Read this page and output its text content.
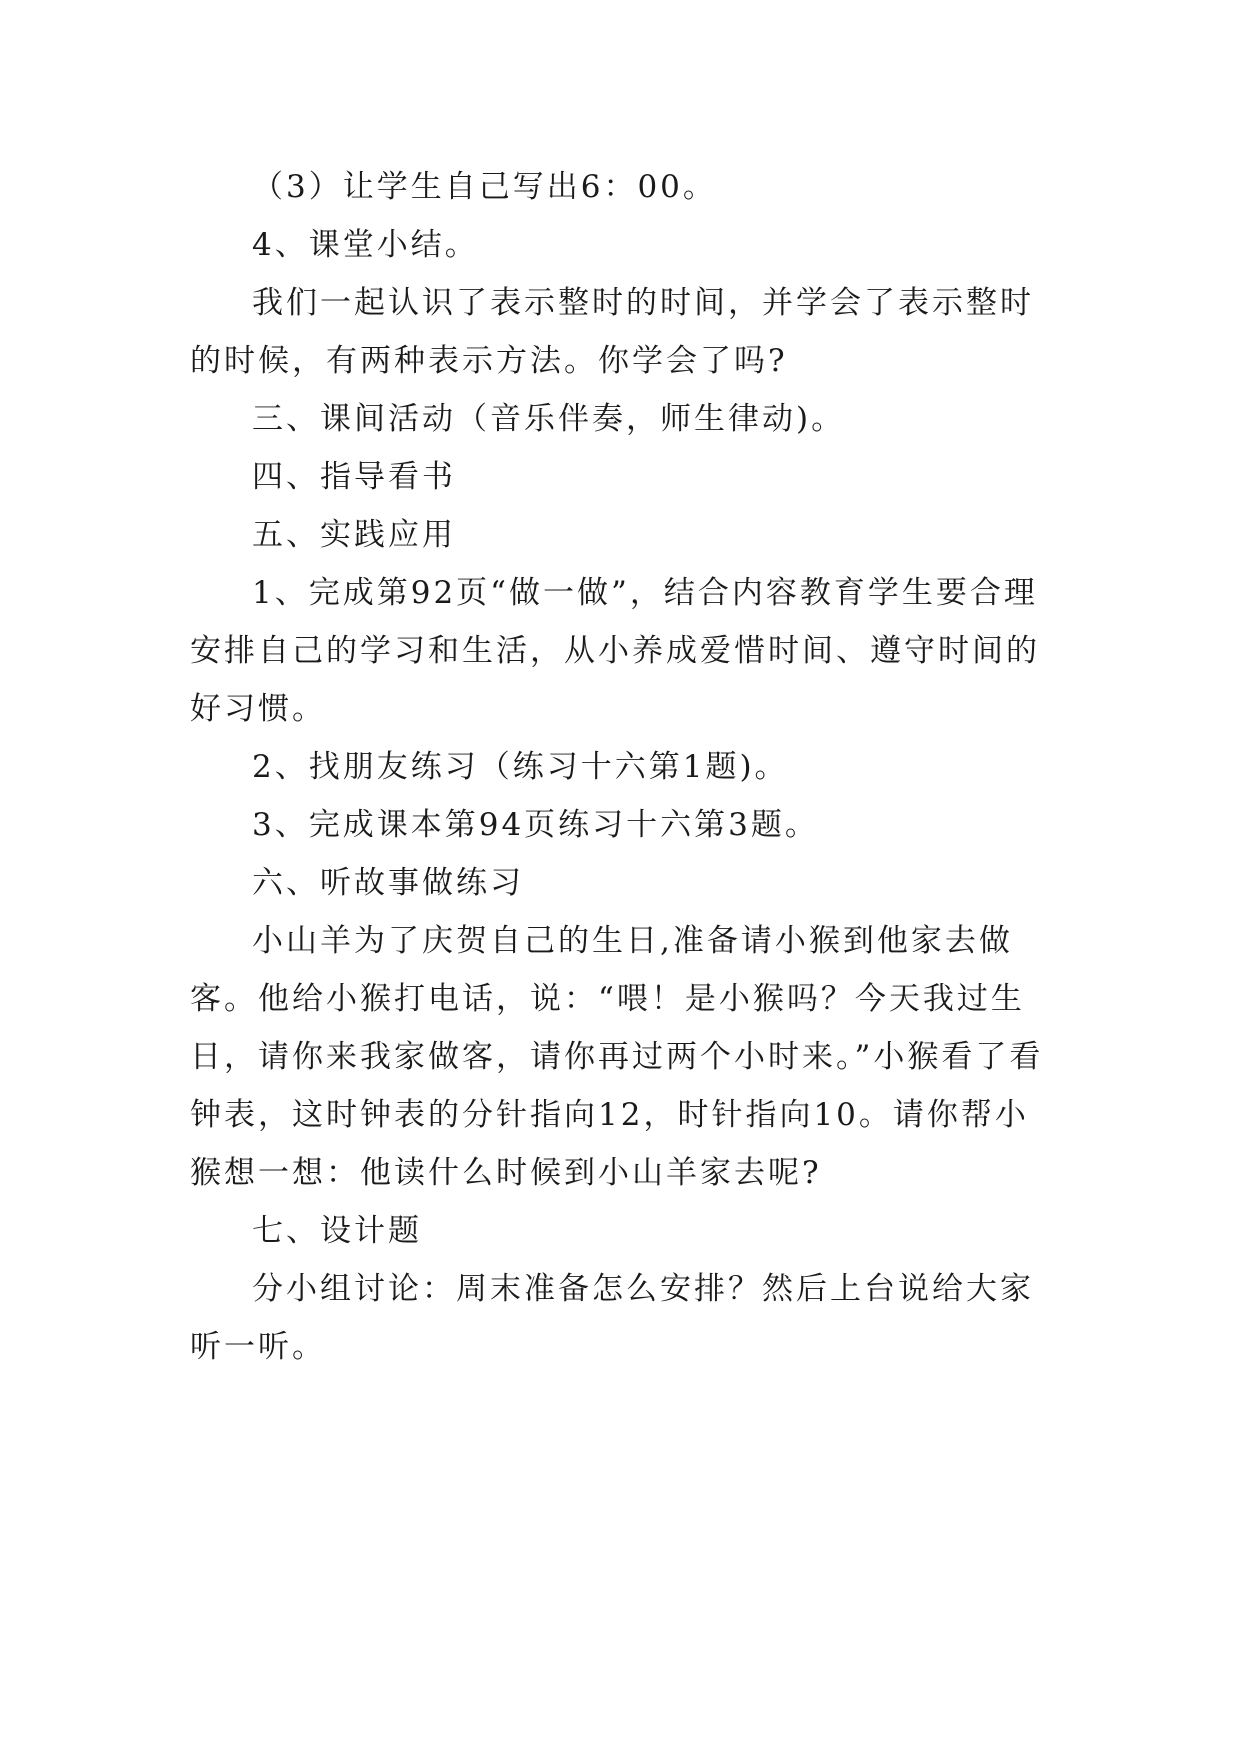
（3）让学生自己写出6：00。

4、课堂小结。

我们一起认识了表示整时的时间，并学会了表示整时的时候，有两种表示方法。你学会了吗?

三、课间活动（音乐伴奏，师生律动)。

四、指导看书

五、实践应用

1、完成第92页“做一做”，结合内容教育学生要合理安排自己的学习和生活，从小养成爱惜时间、遵守时间的好习惯。

2、找朋友练习（练习十六第1题)。

3、完成课本第94页练习十六第3题。

六、听故事做练习

小山羊为了庆贺自己的生日,准备请小猴到他家去做客。他给小猴打电话，说：“喂！是小猴吗？今天我过生日，请你来我家做客，请你再过两个小时来。”小猴看了看钟表，这时钟表的分针指向12，时针指向10。请你帮小猴想一想：他读什么时候到小山羊家去呢?

七、设计题

分小组讨论：周末准备怎么安排？然后上台说给大家听一听。
